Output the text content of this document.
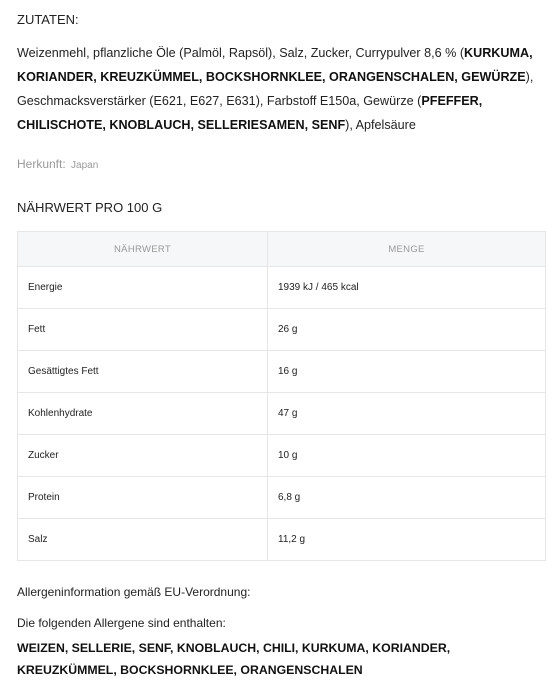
ZUTATEN:
Weizenmehl, pflanzliche Öle (Palmöl, Rapsöl), Salz, Zucker, Currypulver 8,6 % (KURKUMA, KORIANDER, KREUZKÜMMEL, BOCKSHORNKLEE, ORANGENSCHALEN, GEWÜRZE), Geschmacksverstärker (E621, E627, E631), Farbstoff E150a, Gewürze (PFEFFER, CHILISCHOTE, KNOBLAUCH, SELLERIESAMEN, SENF), Apfelsäure
Herkunft: Japan
NÄHRWERT PRO 100 G
NÄHRWERT	MENGE
Energie	1939 kJ / 465 kcal
Fett	26 g
Gesättigtes Fett	16 g
Kohlenhydrate	47 g
Zucker	10 g
Protein	6,8 g
Salz	11,2 g
Allergeninformation gemäß EU-Verordnung:
Die folgenden Allergene sind enthalten:
WEIZEN, SELLERIE, SENF, KNOBLAUCH, CHILI, KURKUMA, KORIANDER, KREUZKÜMMEL, BOCKSHORNKLEE, ORANGENSCHALEN
